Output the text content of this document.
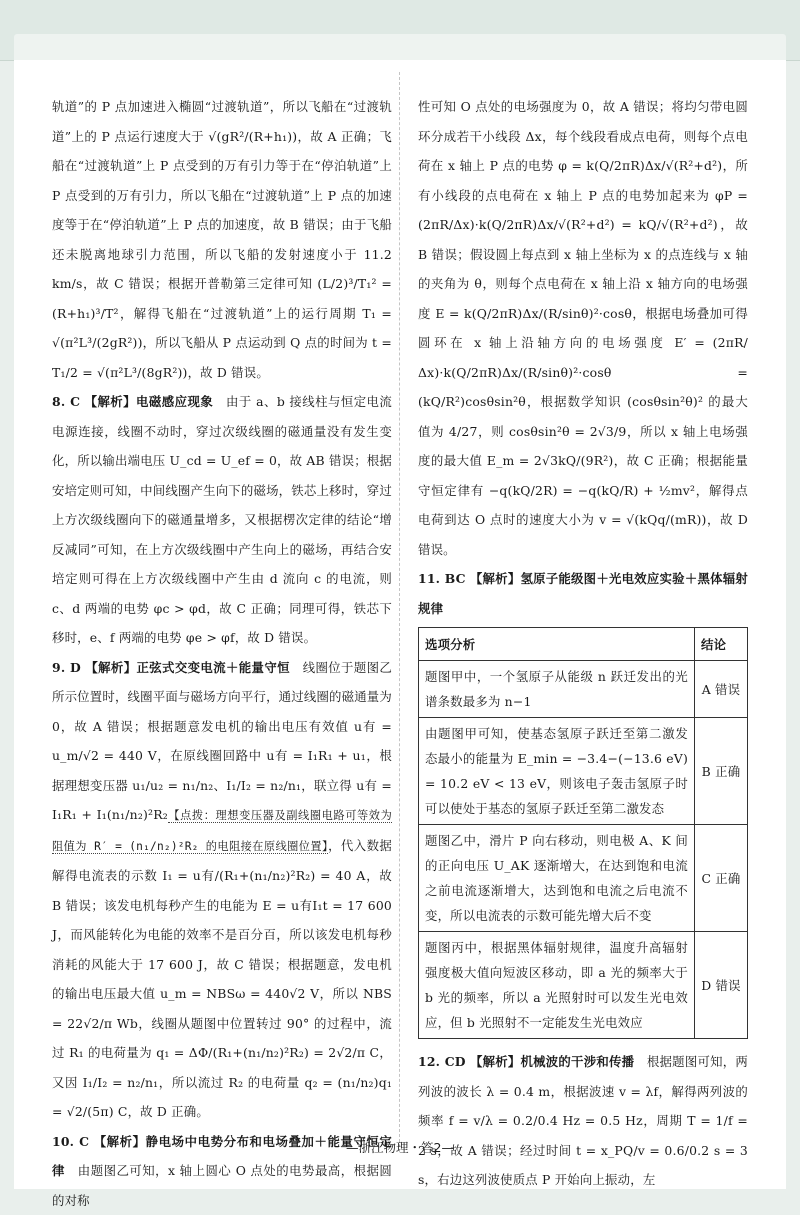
轨道”的 P 点加速进入椭圆“过渡轨道”，所以飞船在“过渡轨道”上的 P 点运行速度大于 √(gR²/(R+h₁))，故 A 正确；飞船在“过渡轨道”上 P 点受到的万有引力等于在“停泊轨道”上 P 点受到的万有引力，所以飞船在“过渡轨道”上 P 点的加速度等于在“停泊轨道”上 P 点的加速度，故 B 错误；由于飞船还未脱离地球引力范围，所以飞船的发射速度小于 11.2 km/s，故 C 错误；根据开普勒第三定律可知 (L/2)³/T₁² = (R+h₁)³/T²，解得飞船在“过渡轨道”上的运行周期 T₁ = √(π²L³/(2gR²))，所以飞船从 P 点运动到 Q 点的时间为 t = T₁/2 = √(π²L³/(8gR²))，故 D 错误。

8. C 【解析】电磁感应现象　由于 a、b 接线柱与恒定电流电源连接，线圈不动时，穿过次级线圈的磁通量没有发生变化，所以输出端电压 U_cd = U_ef = 0，故 AB 错误；根据安培定则可知，中间线圈产生向下的磁场，铁芯上移时，穿过上方次级线圈向下的磁通量增多，又根据楞次定律的结论“增反减同”可知，在上方次级线圈中产生向上的磁场，再结合安培定则可得在上方次级线圈中产生由 d 流向 c 的电流，则 c、d 两端的电势 φc > φd，故 C 正确；同理可得，铁芯下移时，e、f 两端的电势 φe > φf，故 D 错误。

9. D 【解析】正弦式交变电流＋能量守恒　线圈位于题图乙所示位置时，线圈平面与磁场方向平行，通过线圈的磁通量为 0，故 A 错误；根据题意发电机的输出电压有效值 u有 = u_m/√2 = 440 V，在原线圈回路中 u有 = I₁R₁ + u₁，根据理想变压器 u₁/u₂ = n₁/n₂、I₁/I₂ = n₂/n₁，联立得 u有 = I₁R₁ + I₁(n₁/n₂)²R₂【点拨：理想变压器及副线圈电路可等效为阻值为 R′ = (n₁/n₂)²R₂ 的电阻接在原线圈位置】，代入数据解得电流表的示数 I₁ = u有/(R₁+(n₁/n₂)²R₂) = 40 A，故 B 错误；该发电机每秒产生的电能为 E = u有I₁t = 17 600 J，而风能转化为电能的效率不是百分百，所以该发电机每秒消耗的风能大于 17 600 J，故 C 错误；根据题意，发电机的输出电压最大值 u_m = NBSω = 440√2 V，所以 NBS = 22√2/π Wb，线圈从题图中位置转过 90° 的过程中，流过 R₁ 的电荷量为 q₁ = ΔΦ/(R₁+(n₁/n₂)²R₂) = 2√2/π C，又因 I₁/I₂ = n₂/n₁，所以流过 R₂ 的电荷量 q₂ = (n₁/n₂)q₁ = √2/(5π) C，故 D 正确。

10. C 【解析】静电场中电势分布和电场叠加＋能量守恒定律　由题图乙可知，x 轴上圆心 O 点处的电势最高，根据圆的对称

性可知 O 点处的电场强度为 0，故 A 错误；将均匀带电圆环分成若干小线段 Δx，每个线段看成点电荷，则每个点电荷在 x 轴上 P 点的电势 φ = k(Q/2πR)Δx/√(R²+d²)，所有小线段的点电荷在 x 轴上 P 点的电势加起来为 φP = (2πR/Δx)·k(Q/2πR)Δx/√(R²+d²) = kQ/√(R²+d²)，故 B 错误；假设圆上每点到 x 轴上坐标为 x 的点连线与 x 轴的夹角为 θ，则每个点电荷在 x 轴上沿 x 轴方向的电场强度 E = k(Q/2πR)Δx/(R/sinθ)²·cosθ，根据电场叠加可得圆环在 x 轴上沿轴方向的电场强度 E′ = (2πR/Δx)·k(Q/2πR)Δx/(R/sinθ)²·cosθ = (kQ/R²)cosθsin²θ，根据数学知识 (cosθsin²θ)² 的最大值为 4/27，则 cosθsin²θ = 2√3/9，所以 x 轴上电场强度的最大值 E_m = 2√3kQ/(9R²)，故 C 正确；根据能量守恒定律有 −q(kQ/2R) = −q(kQ/R) + ½mv²，解得点电荷到达 O 点时的速度大小为 v = √(kQq/(mR))，故 D 错误。

11. BC 【解析】氢原子能级图＋光电效应实验＋黑体辐射规律

选项分析	结论
题图甲中，一个氢原子从能级 n 跃迁发出的光谱条数最多为 n−1	A 错误
由题图甲可知，使基态氢原子跃迁至第二激发态最小的能量为 E_min = −3.4−(−13.6 eV) = 10.2 eV < 13 eV，则该电子轰击氢原子时可以使处于基态的氢原子跃迁至第二激发态	B 正确
题图乙中，滑片 P 向右移动，则电极 A、K 间的正向电压 U_AK 逐渐增大，在达到饱和电流之前电流逐渐增大，达到饱和电流之后电流不变，所以电流表的示数可能先增大后不变	C 正确
题图丙中，根据黑体辐射规律，温度升高辐射强度极大值向短波区移动，即 a 光的频率大于 b 光的频率，所以 a 光照射时可以发生光电效应，但 b 光照射不一定能发生光电效应	D 错误

12. CD 【解析】机械波的干涉和传播　根据题图可知，两列波的波长 λ = 0.4 m，根据波速 v = λf，解得两列波的频率 f = v/λ = 0.2/0.4 Hz = 0.5 Hz，周期 T = 1/f = 2 s，故 A 错误；经过时间 t = x_PQ/v = 0.6/0.2 s = 3 s，右边这列波使质点 P 开始向上振动，左

—浙江物理・答2—
